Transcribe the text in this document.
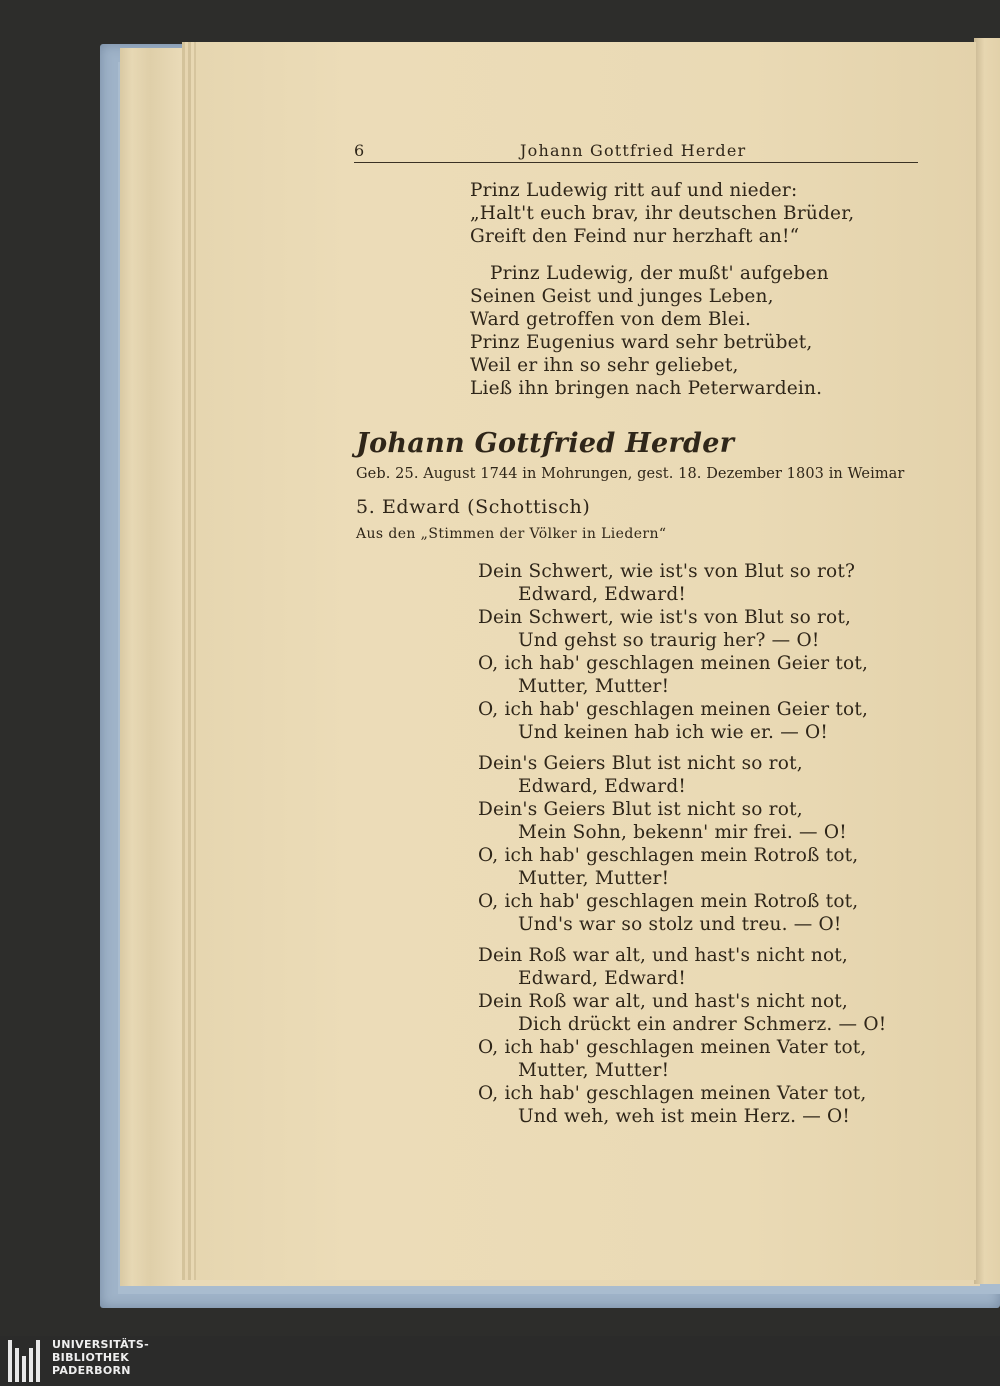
6	Johann Gottfried Herder

Prinz Ludewig ritt auf und nieder:
„Halt't euch brav, ihr deutschen Brüder,
Greift den Feind nur herzhaft an!“
Prinz Ludewig, der mußt' aufgeben
Seinen Geist und junges Leben,
Ward getroffen von dem Blei.
Prinz Eugenius ward sehr betrübet,
Weil er ihn so sehr geliebet,
Ließ ihn bringen nach Peterwardein.

Johann Gottfried Herder

Geb. 25. August 1744 in Mohrungen, gest. 18. Dezember 1803 in Weimar

5. Edward (Schottisch)

Aus den „Stimmen der Völker in Liedern“

Dein Schwert, wie ist's von Blut so rot?
Edward, Edward!
Dein Schwert, wie ist's von Blut so rot,
Und gehst so traurig her? — O!
O, ich hab' geschlagen meinen Geier tot,
Mutter, Mutter!
O, ich hab' geschlagen meinen Geier tot,
Und keinen hab ich wie er. — O!
Dein's Geiers Blut ist nicht so rot,
Edward, Edward!
Dein's Geiers Blut ist nicht so rot,
Mein Sohn, bekenn' mir frei. — O!
O, ich hab' geschlagen mein Rotroß tot,
Mutter, Mutter!
O, ich hab' geschlagen mein Rotroß tot,
Und's war so stolz und treu. — O!
Dein Roß war alt, und hast's nicht not,
Edward, Edward!
Dein Roß war alt, und hast's nicht not,
Dich drückt ein andrer Schmerz. — O!
O, ich hab' geschlagen meinen Vater tot,
Mutter, Mutter!
O, ich hab' geschlagen meinen Vater tot,
Und weh, weh ist mein Herz. — O!
UNIVERSITÄTS-
BIBLIOTHEK
PADERBORN
